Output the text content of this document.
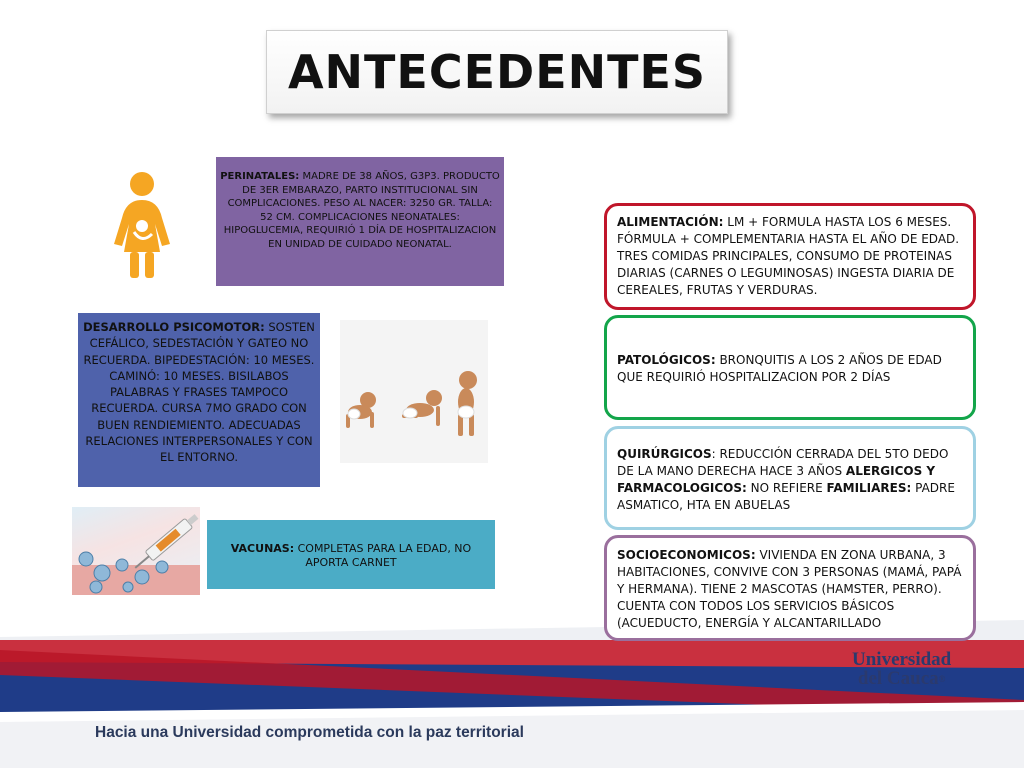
ANTECEDENTES
PERINATALES: MADRE DE 38 AÑOS, G3P3. PRODUCTO DE 3ER EMBARAZO, PARTO INSTITUCIONAL SIN COMPLICACIONES. PESO AL NACER: 3250 GR. TALLA: 52 CM. COMPLICACIONES NEONATALES: HIPOGLUCEMIA, REQUIRIÓ 1 DÍA DE HOSPITALIZACION EN UNIDAD DE CUIDADO NEONATAL.
DESARROLLO PSICOMOTOR: SOSTEN CEFÁLICO, SEDESTACIÓN Y GATEO NO RECUERDA. BIPEDESTACIÓN: 10 MESES. CAMINÓ: 10 MESES. BISILABOS PALABRAS Y FRASES TAMPOCO RECUERDA. CURSA 7MO GRADO CON BUEN RENDIEMIENTO. ADECUADAS RELACIONES INTERPERSONALES Y CON EL ENTORNO.
VACUNAS: COMPLETAS PARA LA EDAD, NO APORTA CARNET
ALIMENTACIÓN: LM + FORMULA HASTA LOS 6 MESES. FÓRMULA + COMPLEMENTARIA HASTA EL AÑO DE EDAD. TRES COMIDAS PRINCIPALES, CONSUMO DE PROTEINAS DIARIAS (CARNES O LEGUMINOSAS) INGESTA DIARIA DE CEREALES, FRUTAS Y VERDURAS.
PATOLÓGICOS: BRONQUITIS A LOS 2 AÑOS DE EDAD QUE REQUIRIÓ HOSPITALIZACION POR 2 DÍAS
QUIRÚRGICOS: REDUCCIÓN CERRADA DEL 5TO DEDO DE LA MANO DERECHA HACE 3 AÑOS ALERGICOS Y FARMACOLOGICOS: NO REFIERE FAMILIARES: PADRE ASMATICO, HTA EN ABUELAS
SOCIOECONOMICOS: VIVIENDA EN ZONA URBANA, 3 HABITACIONES, CONVIVE CON 3 PERSONAS (MAMÁ, PAPÁ Y HERMANA). TIENE 2 MASCOTAS (HAMSTER, PERRO). CUENTA CON TODOS LOS SERVICIOS BÁSICOS (ACUEDUCTO, ENERGÍA Y ALCANTARILLADO
Universidad
del Cauca®
Hacia una Universidad comprometida con la paz territorial
